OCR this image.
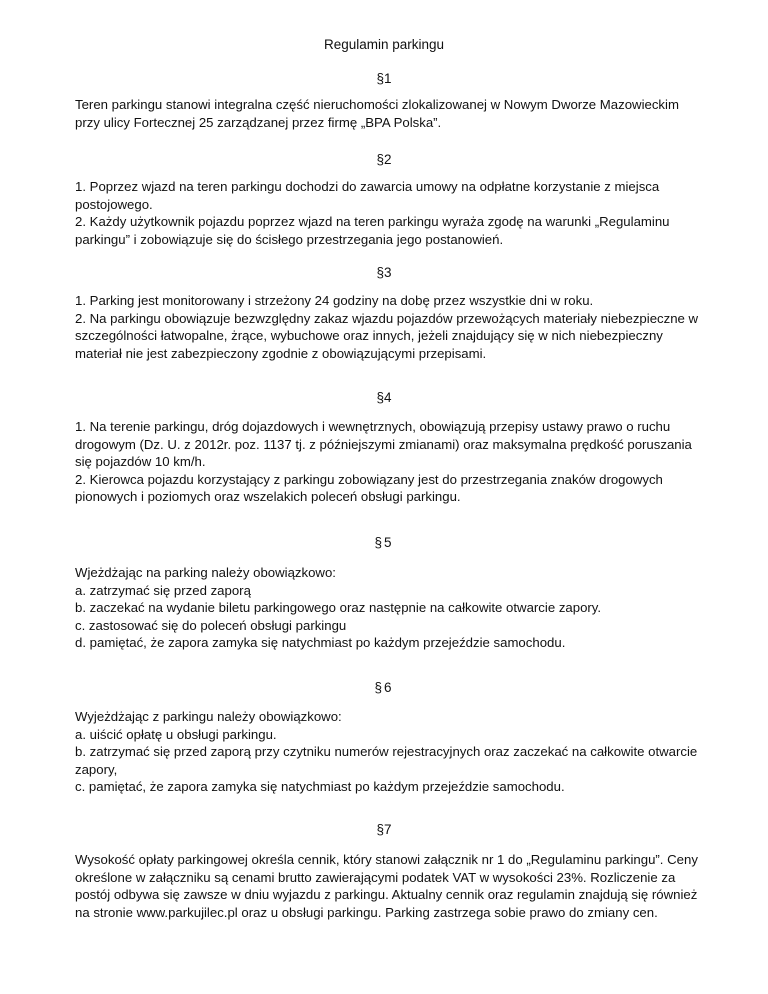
Regulamin parkingu
§1

Teren parkingu stanowi integralna część nieruchomości zlokalizowanej w Nowym Dworze Mazowieckim przy ulicy Fortecznej 25 zarządzanej przez firmę „BPA Polska”.

§2

1. Poprzez wjazd na teren parkingu dochodzi do zawarcia umowy na odpłatne korzystanie z miejsca postojowego.
2. Każdy użytkownik pojazdu poprzez wjazd na teren parkingu wyraża zgodę na warunki „Regulaminu parkingu” i zobowiązuje się do ścisłego przestrzegania jego postanowień.

§3

1. Parking jest monitorowany i strzeżony 24 godziny na dobę przez wszystkie dni w roku.
2. Na parkingu obowiązuje bezwzględny zakaz wjazdu pojazdów przewożących materiały niebezpieczne w szczególności łatwopalne, żrące, wybuchowe oraz innych, jeżeli znajdujący się w nich niebezpieczny materiał nie jest zabezpieczony zgodnie z obowiązującymi przepisami.

§4

1. Na terenie parkingu, dróg dojazdowych i wewnętrznych, obowiązują przepisy ustawy prawo o ruchu drogowym (Dz. U. z 2012r. poz. 1137 tj. z późniejszymi zmianami) oraz maksymalna prędkość poruszania się pojazdów 10 km/h.
2. Kierowca pojazdu korzystający z parkingu zobowiązany jest do przestrzegania znaków drogowych pionowych i poziomych oraz wszelakich poleceń obsługi parkingu.

§5

Wjeżdżając na parking należy obowiązkowo:
a. zatrzymać się przed zaporą
b. zaczekać na wydanie biletu parkingowego oraz następnie na całkowite otwarcie zapory.
c. zastosować się do poleceń obsługi parkingu
d. pamiętać, że zapora zamyka się natychmiast po każdym przejeździe samochodu.

§6

Wyjeżdżając z parkingu należy obowiązkowo:
a. uiścić opłatę u obsługi parkingu.
b. zatrzymać się przed zaporą przy czytniku numerów rejestracyjnych oraz zaczekać na całkowite otwarcie zapory,
c. pamiętać, że zapora zamyka się natychmiast po każdym przejeździe samochodu.

§7

Wysokość opłaty parkingowej określa cennik, który stanowi załącznik nr 1 do „Regulaminu parkingu”. Ceny określone w załączniku są cenami brutto zawierającymi podatek VAT w wysokości 23%. Rozliczenie za postój odbywa się zawsze w dniu wyjazdu z parkingu. Aktualny cennik oraz regulamin znajdują się również na stronie www.parkujilec.pl oraz u obsługi parkingu. Parking zastrzega sobie prawo do zmiany cen.
